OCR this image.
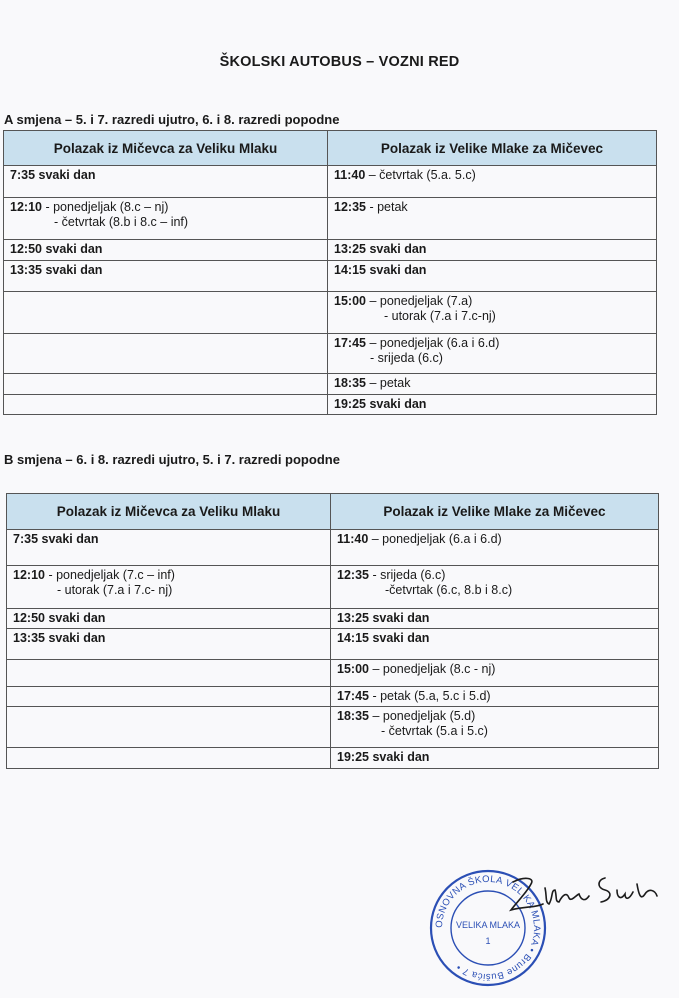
ŠKOLSKI AUTOBUS – VOZNI RED
A smjena – 5. i 7. razredi ujutro, 6. i 8. razredi popodne
Polazak iz Mičevca za Veliku Mlaku	Polazak iz Velike Mlake za Mičevec
7:35 svaki dan	11:40 – četvrtak (5.a. 5.c)

12:10 - ponedjeljak (8.c – nj)
- četvrtak (8.b i 8.c – inf)	12:35 - petak

12:50 svaki dan	13:25 svaki dan

13:35 svaki dan	14:15 svaki dan

	15:00 – ponedjeljak (7.a)
- utorak (7.a i 7.c-nj)

	17:45 – ponedjeljak (6.a i 6.d)
- srijeda (6.c)

	18:35 – petak

	19:25 svaki dan
B smjena – 6. i 8. razredi ujutro, 5. i 7. razredi popodne
Polazak iz Mičevca za Veliku Mlaku	Polazak iz Velike Mlake za Mičevec
7:35 svaki dan	11:40 – ponedjeljak (6.a i 6.d)

12:10 - ponedjeljak (7.c – inf)
- utorak (7.a i 7.c- nj)	12:35 - srijeda (6.c)
-četvrtak (6.c, 8.b i 8.c)

12:50 svaki dan	13:25 svaki dan

13:35 svaki dan	14:15 svaki dan

	15:00 – ponedjeljak (8.c - nj)

	17:45 - petak (5.a, 5.c i 5.d)

	18:35 – ponedjeljak (5.d)
- četvrtak (5.a i 5.c)

	19:25 svaki dan
OSNOVNA ŠKOLA VELIKA MLAKA • Brune Bušića 7 •
VELIKA MLAKA
1
